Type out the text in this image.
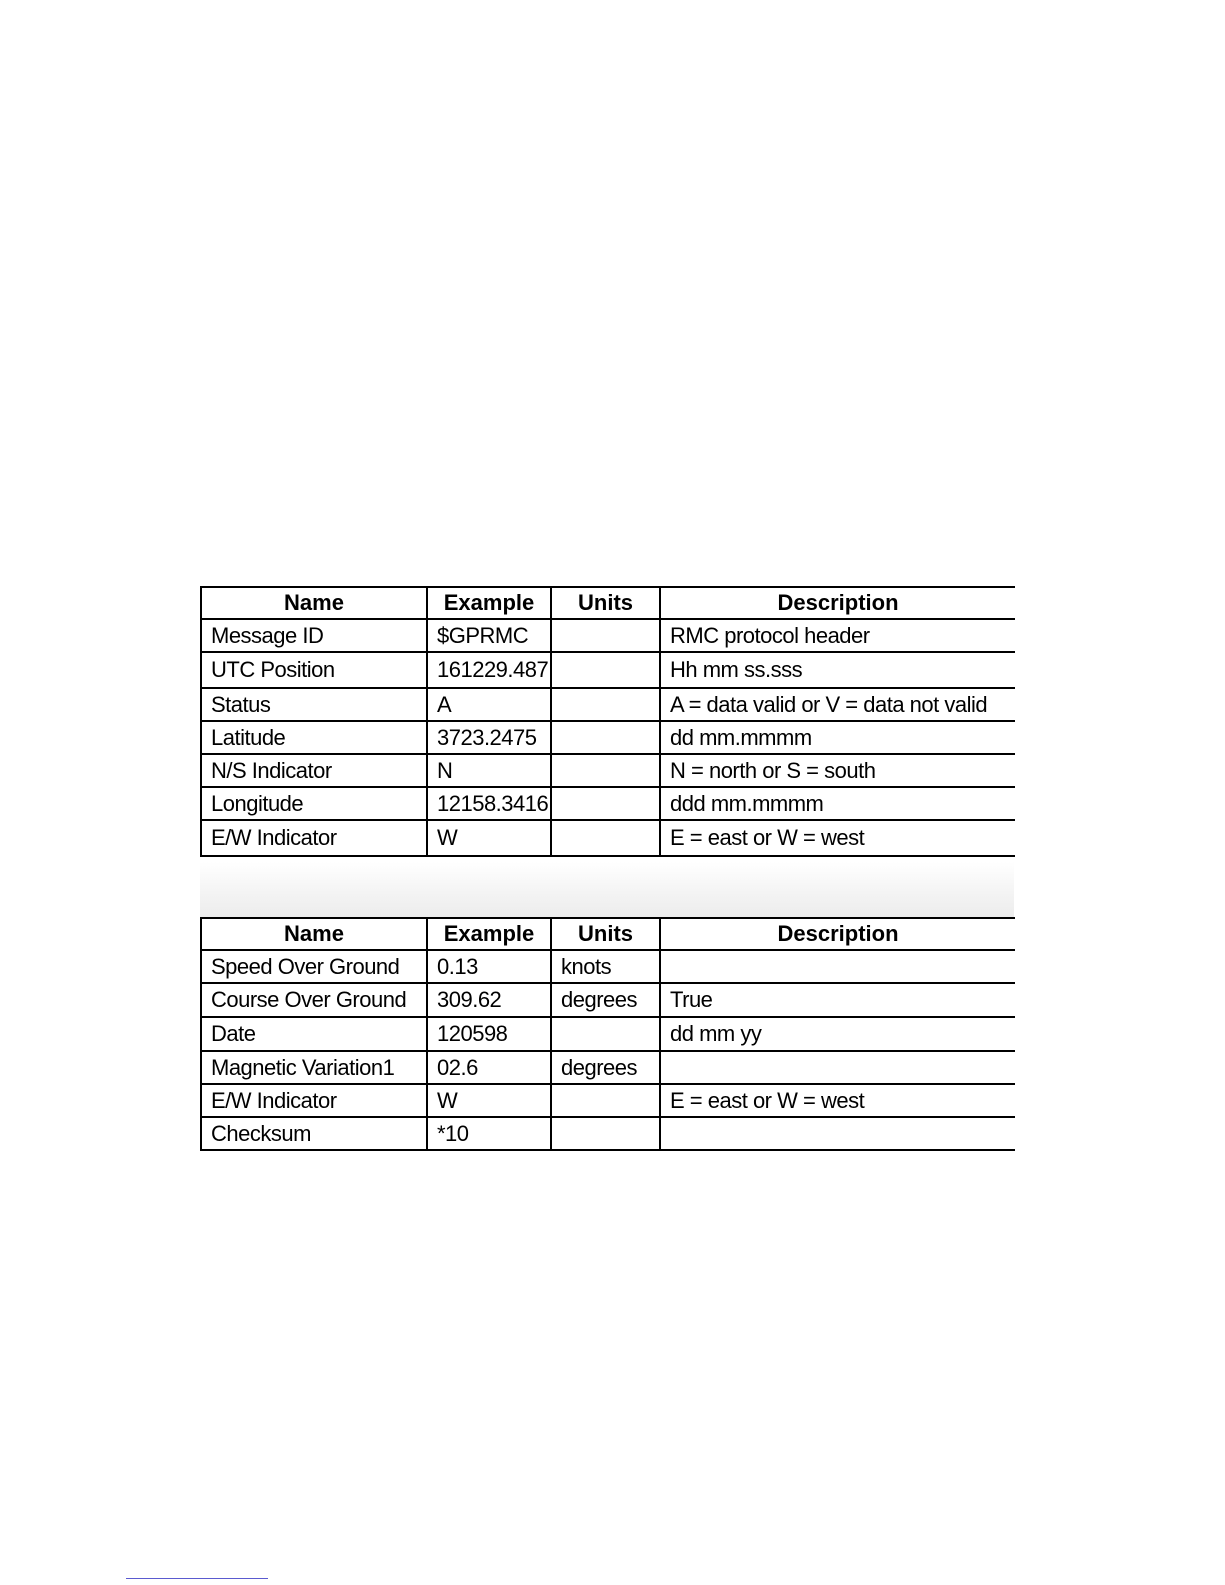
Name	Example	Units	Description
Message ID	$GPRMC		RMC protocol header
UTC Position	161229.487		Hh mm ss.sss
Status	A		A = data valid or V = data not valid
Latitude	3723.2475		dd mm.mmmm
N/S Indicator	N		N = north or S = south
Longitude	12158.3416		ddd mm.mmmm
E/W Indicator	W		E = east or W = west
Name	Example	Units	Description
Speed Over Ground	0.13	knots	
Course Over Ground	309.62	degrees	True
Date	120598		dd mm yy
Magnetic Variation1	02.6	degrees	
E/W Indicator	W		E = east or W = west
Checksum	*10		
